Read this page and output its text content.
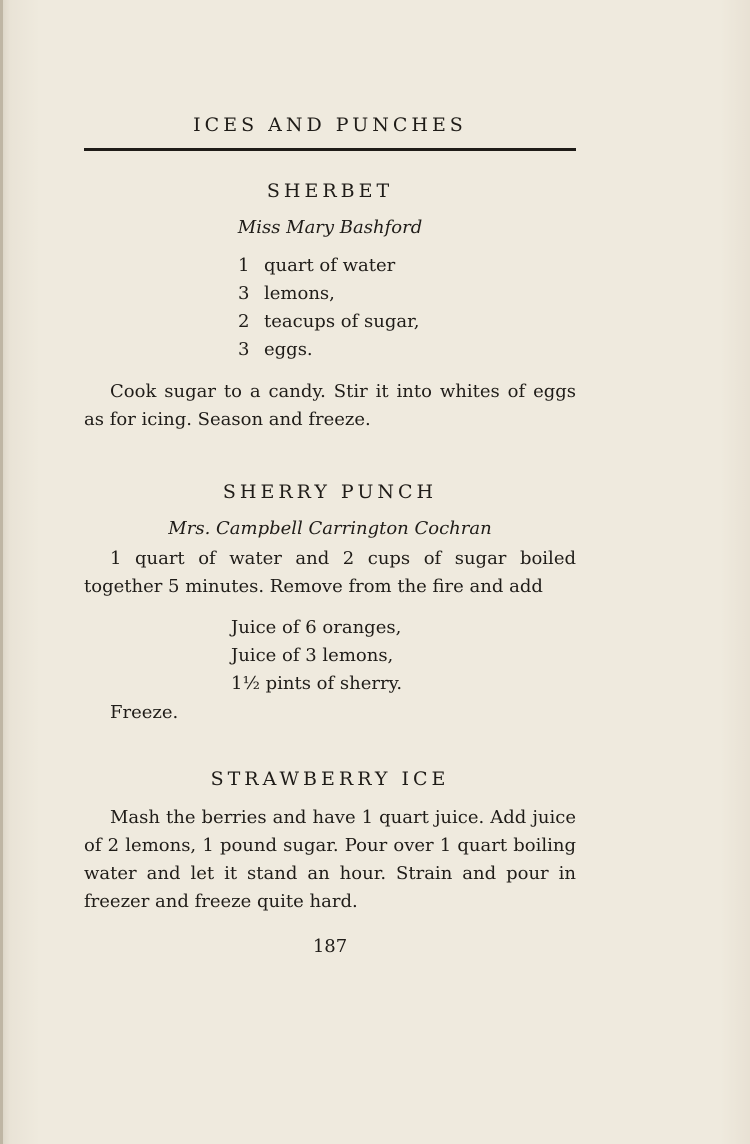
ICES AND PUNCHES
SHERBET
Miss Mary Bashford
1 quart of water
3 lemons,
2 teacups of sugar,
3 eggs.

Cook sugar to a candy. Stir it into whites of eggs as for icing. Season and freeze.

SHERRY PUNCH
Mrs. Campbell Carrington Cochran

1 quart of water and 2 cups of sugar boiled together 5 minutes. Remove from the fire and add

Juice of 6 oranges,
Juice of 3 lemons,
1½ pints of sherry.
Freeze.
STRAWBERRY ICE

Mash the berries and have 1 quart juice. Add juice of 2 lemons, 1 pound sugar. Pour over 1 quart boiling water and let it stand an hour. Strain and pour in freezer and freeze quite hard.

187
